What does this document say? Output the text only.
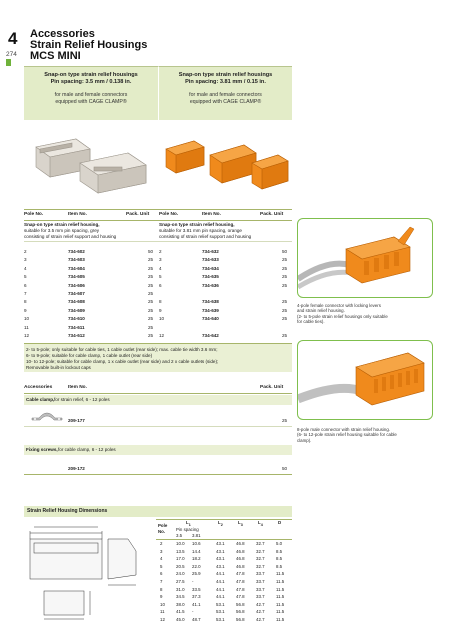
4
274
Accessories
Strain Relief Housings
MCS MINI
Snap-on type strain relief housings
Pin spacing: 3.5 mm / 0.138 in.
for male and female connectors
equipped with CAGE CLAMP®
Snap-on type strain relief housings
Pin spacing: 3.81 mm / 0.15 in.
for male and female connectors
equipped with CAGE CLAMP®
Pole No.	Item No.	Pack. Unit Pole No.	Item No.	Pack. Unit
Snap-on type strain relief housing,
suitable for 3.5 mm pin spacing, grey
consisting of strain relief support and housing
Snap-on type strain relief housing,
suitable for 3.81 mm pin spacing, orange
consisting of strain relief support and housing
2	734-602	50 2	734-632	50
3	734-603	25 3	734-633	25
4	734-604	25 4	734-634	25
5	734-605	25 5	734-635	25
6	734-606	25 6	734-636	25
7	734-607	25
8	734-608	25 8	734-638	25
9	734-609	25 9	734-639	25
10	734-610	25 10	734-640	25
11	734-611	25
12	734-612	25 12	734-642	25
2- to 5-pole; only suitable for cable ties, 1 cable outlet (rear side); max. cable tie width 3.6 mm;
6- to 9-pole; suitable for cable clamp, 1 cable outlet (rear side)
10- to 12-pole; suitable for cable clamp, 1 x cable outlet (rear side) and 2 x cable outlets (side);
Removable built-in lockout caps
Accessories	Item No.	Pack. Unit
Cable clamp, for strain relief, 6 - 12 poles
209-177	25
Fixing screws, for cable clamp, 6 - 12 poles
209-172	50
4-pole female connector with locking levers
and strain relief housing.
(2- to 5-pole strain relief housings only suitable
for cable ties).
8-pole male connector with strain relief housing.
(6- to 12-pole strain relief housing suitable for cable
clamp).
Strain Relief Housing Dimensions
Pole
No.
$L_1$
Pin spacing
3.5 3.81
$L_2$	$L_3$	$L_4$	D
2	10.0 10.6	43.1	46.8	32.7	5.0
3	13.5 14.4	43.1	46.8	32.7	8.5
4	17.0 18.2	43.1	46.8	32.7	8.5
5	20.5 22.0	43.1	46.8	32.7	8.5
6	24.0 25.9	44.1	47.8	33.7	11.5
7	27.5 -	44.1	47.8	33.7	11.5
8	31.0 33.5	44.1	47.8	33.7	11.5
9	34.5 37.3	44.1	47.8	33.7	11.5
10	38.0 41.1	53.1	56.8	42.7	11.5
11	41.5 -	53.1	56.8	42.7	11.5
12	45.0 48.7	53.1	56.8	42.7	11.5
